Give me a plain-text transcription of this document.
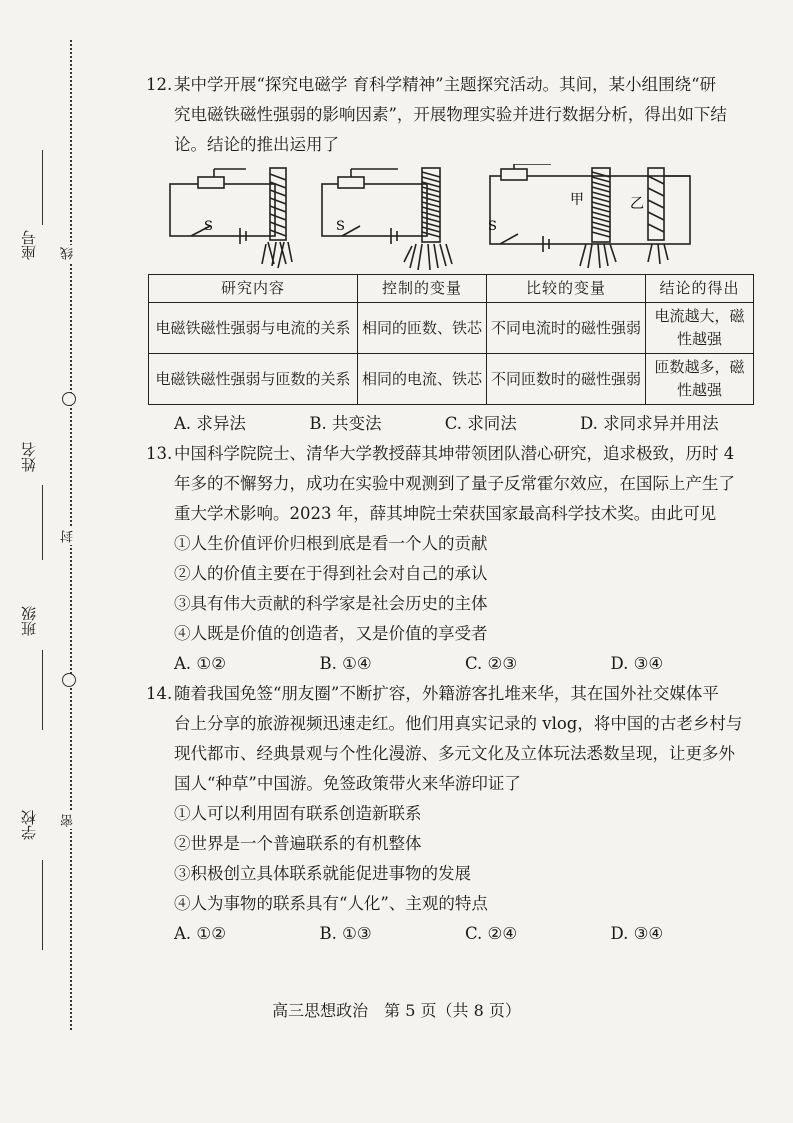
座号
姓名
班级
学校
线
封
密

12. 某中学开展“探究电磁学 育科学精神”主题探究活动。其间，某小组围绕“研

究电磁铁磁性强弱的影响因素”，开展物理实验并进行数据分析，得出如下结

论。结论的推出运用了

S	S	S
甲	乙
研究内容	控制的变量	比较的变量	结论的得出
电磁铁磁性强弱与电流的关系	相同的匝数、铁芯	不同电流时的磁性强弱	电流越大，磁性越强
电磁铁磁性强弱与匝数的关系	相同的电流、铁芯	不同匝数时的磁性强弱	匝数越多，磁性越强
A. 求异法	B. 共变法	C. 求同法	D. 求同求异并用法

13. 中国科学院院士、清华大学教授薛其坤带领团队潜心研究，追求极致，历时 4

年多的不懈努力，成功在实验中观测到了量子反常霍尔效应，在国际上产生了

重大学术影响。2023 年，薛其坤院士荣获国家最高科学技术奖。由此可见

①人生价值评价归根到底是看一个人的贡献

②人的价值主要在于得到社会对自己的承认

③具有伟大贡献的科学家是社会历史的主体

④人既是价值的创造者，又是价值的享受者

A. ①②	B. ①④	C. ②③	D. ③④

14. 随着我国免签“朋友圈”不断扩容，外籍游客扎堆来华，其在国外社交媒体平

台上分享的旅游视频迅速走红。他们用真实记录的 vlog，将中国的古老乡村与

现代都市、经典景观与个性化漫游、多元文化及立体玩法悉数呈现，让更多外

国人“种草”中国游。免签政策带火来华游印证了

①人可以利用固有联系创造新联系

②世界是一个普遍联系的有机整体

③积极创立具体联系就能促进事物的发展

④人为事物的联系具有“人化”、主观的特点

A. ①②	B. ①③	C. ②④	D. ③④
高三思想政治　第 5 页（共 8 页）
